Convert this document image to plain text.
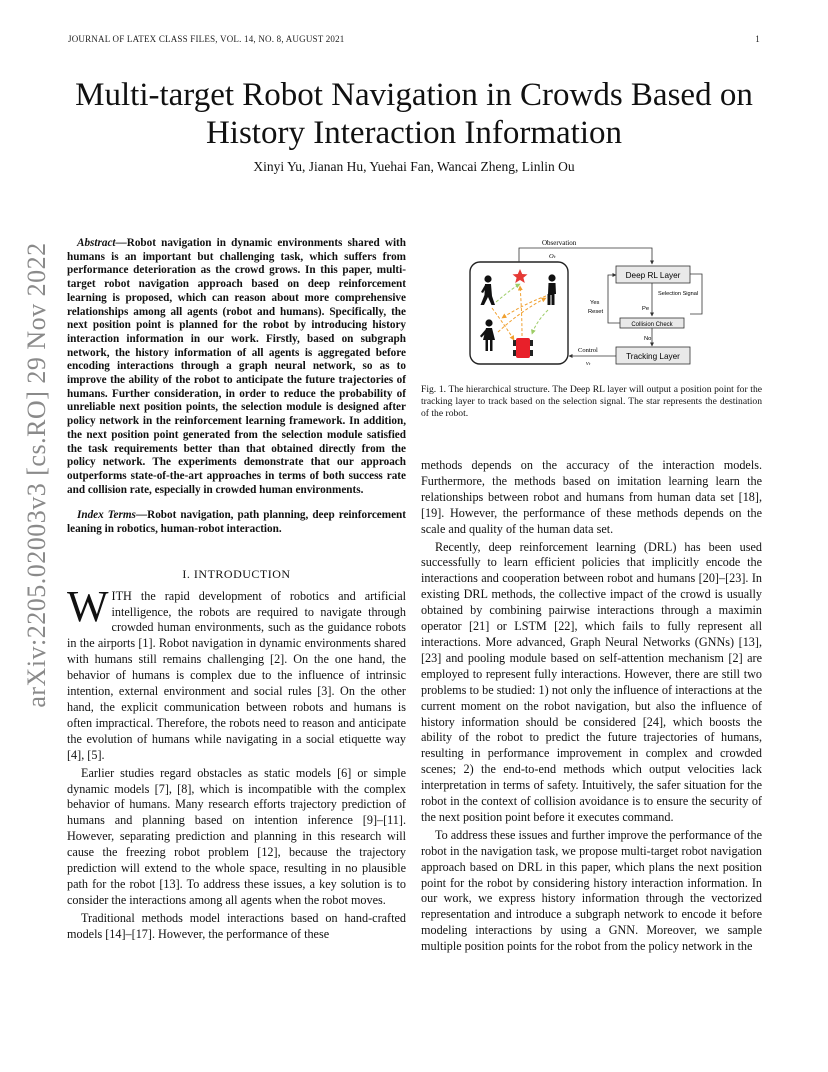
JOURNAL OF LATEX CLASS FILES, VOL. 14, NO. 8, AUGUST 2021	1
arXiv:2205.02003v3 [cs.RO] 29 Nov 2022
Multi-target Robot Navigation in Crowds Based on History Interaction Information
Xinyi Yu, Jianan Hu, Yuehai Fan, Wancai Zheng, Linlin Ou

Abstract—Robot navigation in dynamic environments shared with humans is an important but challenging task, which suffers from performance deterioration as the crowd grows. In this paper, multi-target robot navigation approach based on deep reinforcement learning is proposed, which can reason about more comprehensive relationships among all agents (robot and humans). Specifically, the next position point is planned for the robot by introducing history interaction information in our work. Firstly, based on subgraph network, the history information of all agents is aggregated before encoding interactions through a graph neural network, so as to improve the ability of the robot to anticipate the future trajectories of humans. Further consideration, in order to reduce the probability of unreliable next position points, the selection module is designed after policy network in the reinforcement learning framework. In addition, the next position point generated from the selection module satisfied the task requirements better than that obtained directly from the policy network. The experiments demonstrate that our approach outperforms state-of-the-art approaches in terms of both success rate and collision rate, especially in crowded human environments.

Index Terms—Robot navigation, path planning, deep reinforcement leaning in robotics, human-robot interaction.

I. INTRODUCTION

WITH the rapid development of robotics and artificial intelligence, the robots are required to navigate through crowded human environments, such as the guidance robots in the airports [1]. Robot navigation in dynamic environments shared with humans still remains challenging [2]. On the one hand, the behavior of humans is complex due to the influence of intrinsic intention, external environment and social rules [3]. On the other hand, the explicit communication between robots and humans is often impractical. Therefore, the robots need to reason and anticipate the evolution of humans while navigating in a social etiquette way [4], [5].

Earlier studies regard obstacles as static models [6] or simple dynamic models [7], [8], which is incompatible with the complex behavior of humans. Many research efforts trajectory prediction of humans and planning based on intention inference [9]–[11]. However, separating prediction and planning in this research will cause the freezing robot problem [12], because the trajectory prediction will extend to the whole space, resulting in no plausible path for the robot [13]. To address these issues, a key solution is to consider the interactions among all agents when the robot moves.

Traditional methods model interactions based on hand-crafted models [14]–[17]. However, the performance of these

Observation
Oₜ
Deep RL Layer
Selection Signal
Pe
Collision Check
Yes
Reset
No
Tracking Layer
Control
vₜ
Fig. 1. The hierarchical structure. The Deep RL layer will output a position point for the tracking layer to track based on the selection signal. The star represents the destination of the robot.

methods depends on the accuracy of the interaction models. Furthermore, the methods based on imitation learning learn the relationships between robot and humans from human data set [18], [19]. However, the performance of these methods depends on the scale and quality of the human data set.

Recently, deep reinforcement learning (DRL) has been used successfully to learn efficient policies that implicitly encode the interactions and cooperation between robot and humans [20]–[23]. In existing DRL methods, the collective impact of the crowd is usually obtained by combining pairwise interactions through a maximin operator [21] or LSTM [22], which fails to fully represent all interactions. More advanced, Graph Neural Networks (GNNs) [13], [23] and pooling module based on self-attention mechanism [2] are employed to represent fully interactions. However, there are still two problems to be studied: 1) not only the influence of interactions at the current moment on the robot navigation, but also the influence of history information should be considered [24], which boosts the ability of the robot to predict the future trajectories of humans, resulting in performance improvement in complex and crowded scenes; 2) the end-to-end methods which output velocities lack interpretation in terms of safety. Intuitively, the safer situation for the robot in the context of collision avoidance is to ensure the security of the next position point before it executes command.

To address these issues and further improve the performance of the robot in the navigation task, we propose multi-target robot navigation approach based on DRL in this paper, which plans the next position point for the robot by considering history interaction information. In our work, we express history information through the vectorized representation and introduce a subgraph network to encode it before modeling interactions by using a GNN. Moreover, we sample multiple position points for the robot from the policy network in the
